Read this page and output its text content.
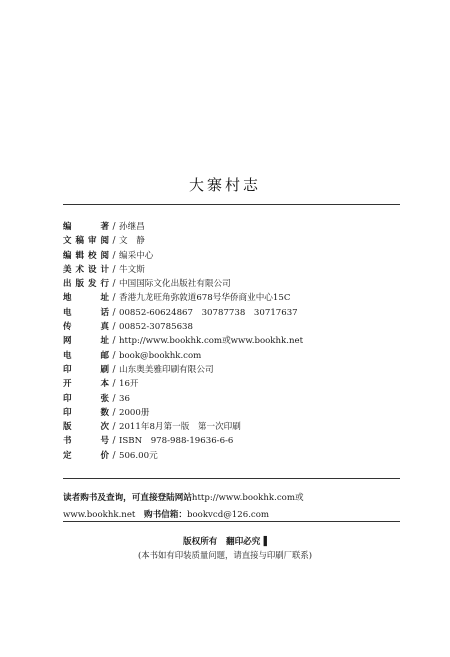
大寨村志
编　著 / 孙继昌
文稿审阅 / 文　静
编辑校阅 / 编采中心
美术设计 / 牛文斯
出版发行 / 中国国际文化出版社有限公司
地　址 / 香港九龙旺角弥敦道678号华侨商业中心15C
电　话 / 00852-60624867　30787738　30717637
传　真 / 00852-30785638
网　址 / http://www.bookhk.com或www.bookhk.net
电　邮 / book@bookhk.com
印　刷 / 山东奥美雅印刷有限公司
开　本 / 16开
印　张 / 36
印　数 / 2000册
版　次 / 2011年8月第一版　第一次印刷
书　号 / ISBN　978-988-19636-6-6
定　价 / 506.00元
读者购书及查询，可直接登陆网站http://www.bookhk.com或
www.bookhk.net　购书信箱：bookvcd@126.com
版权所有　翻印必究▐
(本书如有印装质量问题，请直接与印刷厂联系)
